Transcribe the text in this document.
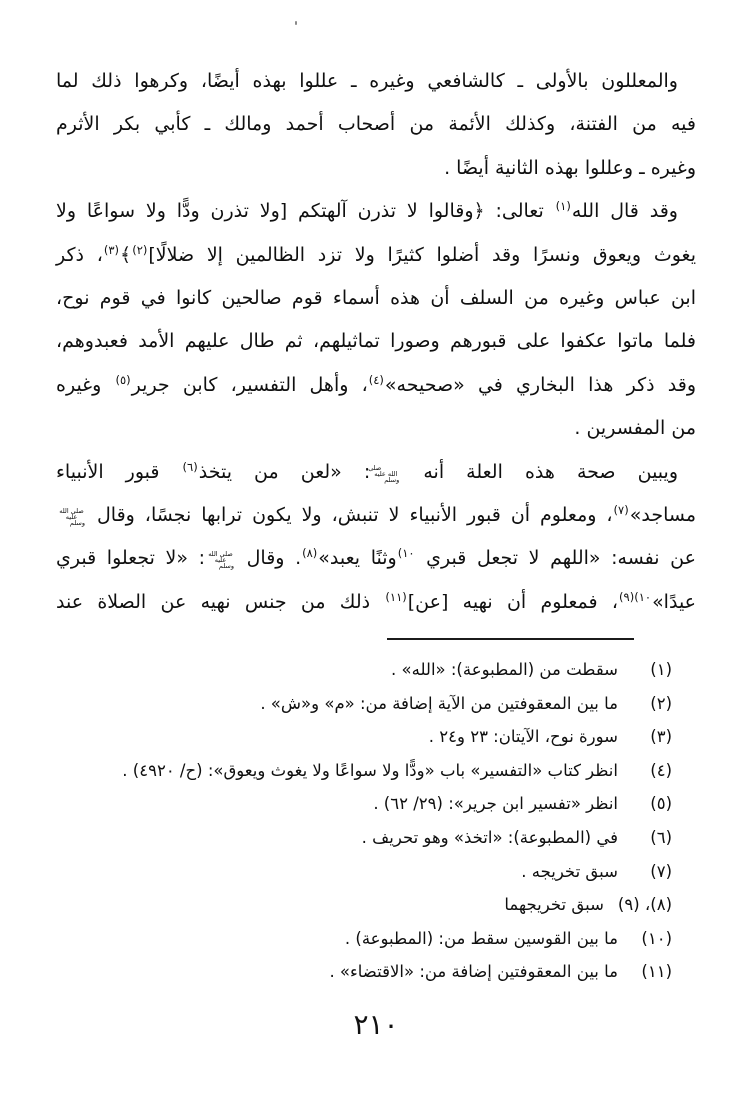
والمعللون بالأولى ـ كالشافعي وغيره ـ عللوا بهذه أيضًا، وكرهوا ذلك لما
فيه من الفتنة، وكذلك الأئمة من أصحاب أحمد ومالك ـ كأبي بكر الأثرم
وغيره ـ وعللوا بهذه الثانية أيضًا .
وقد قال الله$^{(١)}$ تعالى: ﴿وقالوا لا تذرن آلهتكم [ولا تذرن ودًّا ولا سواعًا ولا
يغوث ويعوق ونسرًا وقد أضلوا كثيرًا ولا تزد الظالمين إلا ضلالًا]$^{(٢)}$﴾$^{(٣)}$، ذكر
ابن عباس وغيره من السلف أن هذه أسماء قوم صالحين كانوا في قوم نوح،
فلما ماتوا عكفوا على قبورهم وصورا تماثيلهم، ثم طال عليهم الأمد فعبدوهم،
وقد ذكر هذا البخاري في «صحيحه»$^{(٤)}$، وأهل التفسير، كابن جرير$^{(٥)}$ وغيره
من المفسرين .
ويبين صحة هذه العلة أنه صلى الله عليه وسلم: «لعن من يتخذ$^{(٦)}$ قبور الأنبياء
مساجد»$^{(٧)}$، ومعلوم أن قبور الأنبياء لا تنبش، ولا يكون ترابها نجسًا، وقال صلى الله عليه وسلم
عن نفسه: «اللهم لا تجعل قبري $^{(١٠}$وثنًا يعبد»$^{(٨)}$. وقال صلى الله عليه وسلم: «لا تجعلوا قبري
عيدًا»$^{(٩)(١٠}$، فمعلوم أن نهيه [عن]$^{(١١)}$ ذلك من جنس نهيه عن الصلاة عند
(١)
سقطت من (المطبوعة): «الله» .
(٢)
ما بين المعقوفتين من الآية إضافة من: «م» و«ش» .
(٣)
سورة نوح، الآيتان: ٢٣ و٢٤ .
(٤)
انظر كتاب «التفسير» باب «ودًّا ولا سواعًا ولا يغوث ويعوق»: (ح/ ٤٩٢٠) .
(٥)
انظر «تفسير ابن جرير»: (٢٩/ ٦٢) .
(٦)
في (المطبوعة): «اتخذ» وهو تحريف .
(٧)
سبق تخريجه .
(٨)، (٩)
سبق تخريجهما
(١٠)
ما بين القوسين سقط من: (المطبوعة) .
(١١)
ما بين المعقوفتين إضافة من: «الاقتضاء» .
٢١٠
